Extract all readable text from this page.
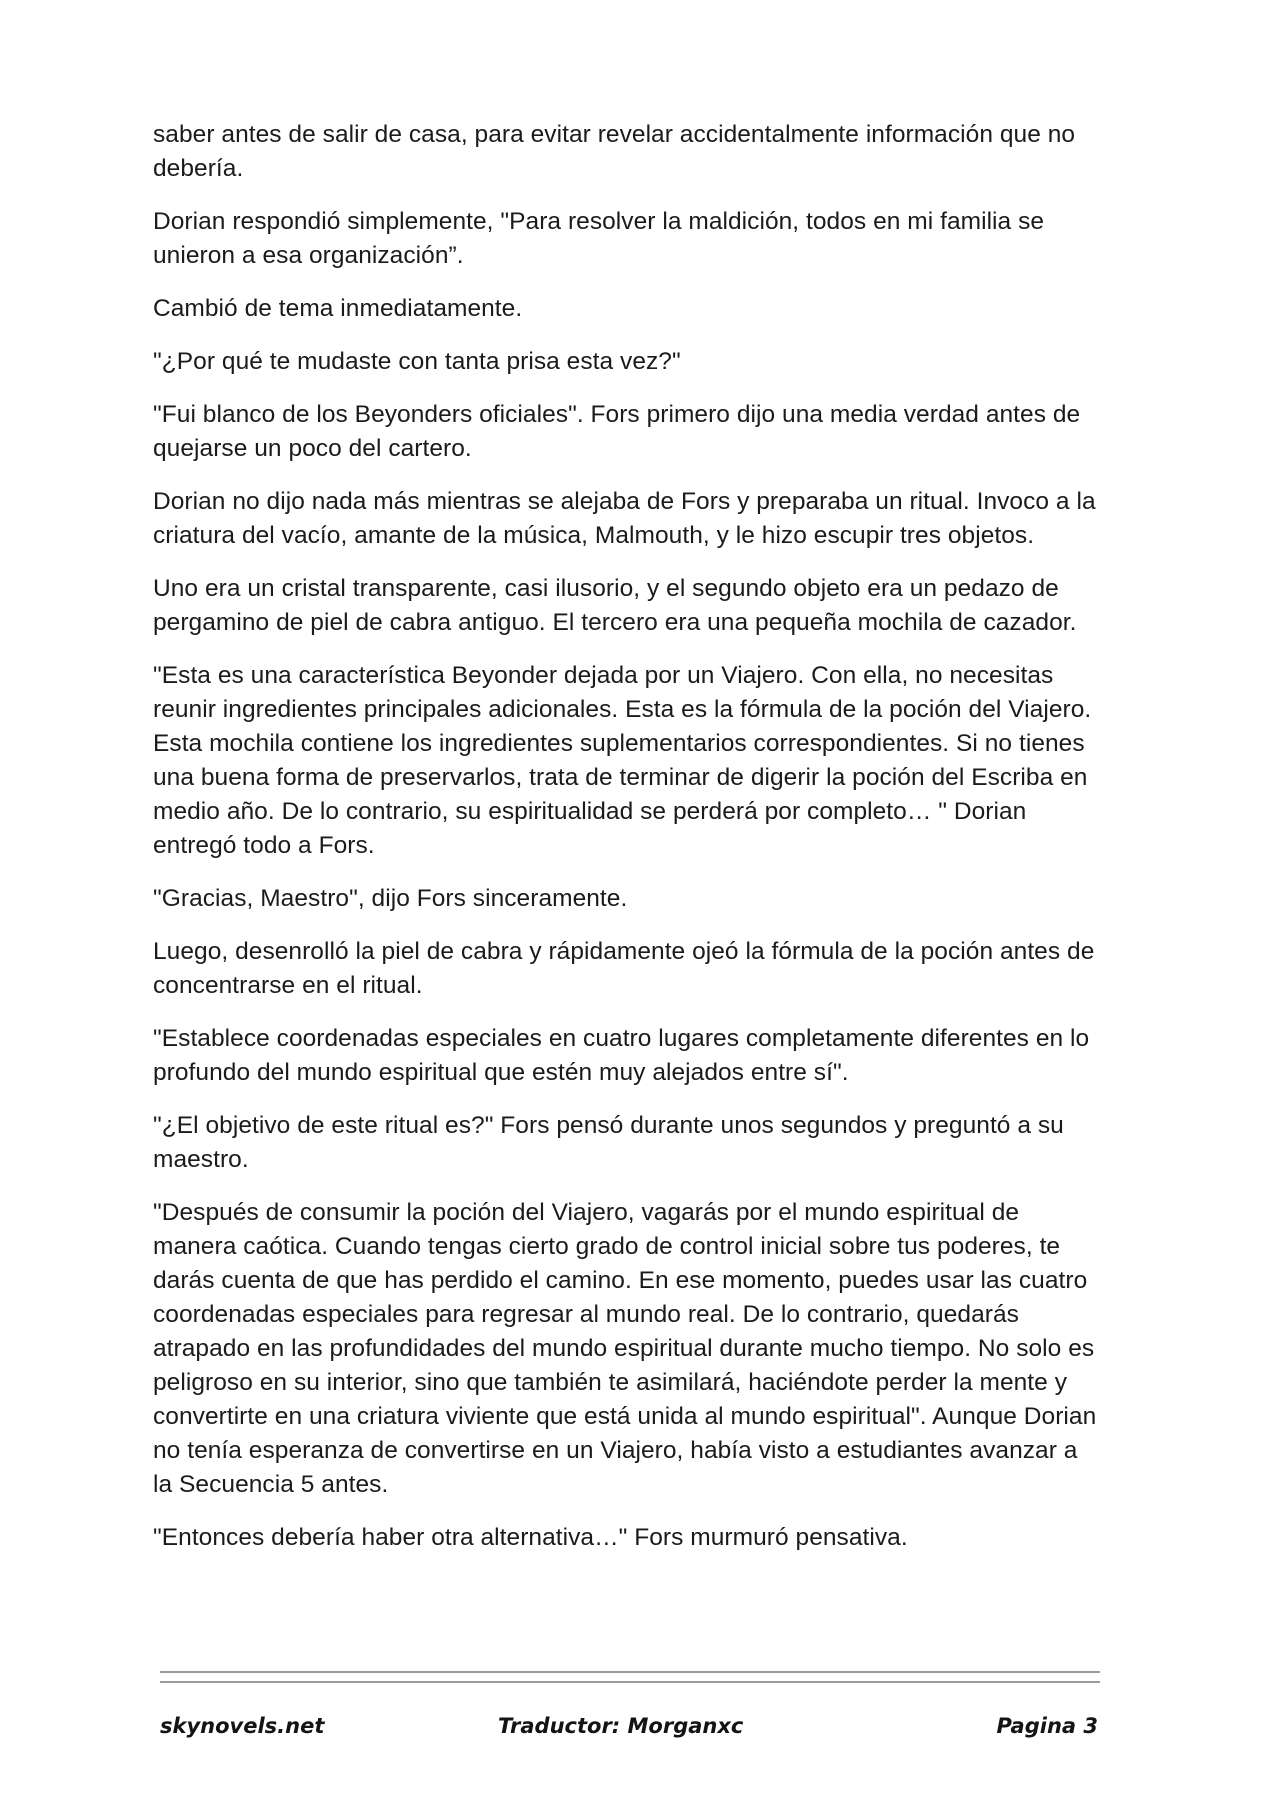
saber antes de salir de casa, para evitar revelar accidentalmente información que no debería.

Dorian respondió simplemente, "Para resolver la maldición, todos en mi familia se unieron a esa organización”.

Cambió de tema inmediatamente.

"¿Por qué te mudaste con tanta prisa esta vez?"

"Fui blanco de los Beyonders oficiales". Fors primero dijo una media verdad antes de quejarse un poco del cartero.

Dorian no dijo nada más mientras se alejaba de Fors y preparaba un ritual. Invoco a la criatura del vacío, amante de la música, Malmouth, y le hizo escupir tres objetos.

Uno era un cristal transparente, casi ilusorio, y el segundo objeto era un pedazo de pergamino de piel de cabra antiguo. El tercero era una pequeña mochila de cazador.

"Esta es una característica Beyonder dejada por un Viajero. Con ella, no necesitas reunir ingredientes principales adicionales. Esta es la fórmula de la poción del Viajero. Esta mochila contiene los ingredientes suplementarios correspondientes. Si no tienes una buena forma de preservarlos, trata de terminar de digerir la poción del Escriba en medio año. De lo contrario, su espiritualidad se perderá por completo… " Dorian entregó todo a Fors.

"Gracias, Maestro", dijo Fors sinceramente.

Luego, desenrolló la piel de cabra y rápidamente ojeó la fórmula de la poción antes de concentrarse en el ritual.

"Establece coordenadas especiales en cuatro lugares completamente diferentes en lo profundo del mundo espiritual que estén muy alejados entre sí".

"¿El objetivo de este ritual es?" Fors pensó durante unos segundos y preguntó a su maestro.

"Después de consumir la poción del Viajero, vagarás por el mundo espiritual de manera caótica. Cuando tengas cierto grado de control inicial sobre tus poderes, te darás cuenta de que has perdido el camino. En ese momento, puedes usar las cuatro coordenadas especiales para regresar al mundo real. De lo contrario, quedarás atrapado en las profundidades del mundo espiritual durante mucho tiempo. No solo es peligroso en su interior, sino que también te asimilará, haciéndote perder la mente y convertirte en una criatura viviente que está unida al mundo espiritual". Aunque Dorian no tenía esperanza de convertirse en un Viajero, había visto a estudiantes avanzar a la Secuencia 5 antes.

"Entonces debería haber otra alternativa…" Fors murmuró pensativa.

skynovels.net	Traductor: Morganxc	Pagina 3
